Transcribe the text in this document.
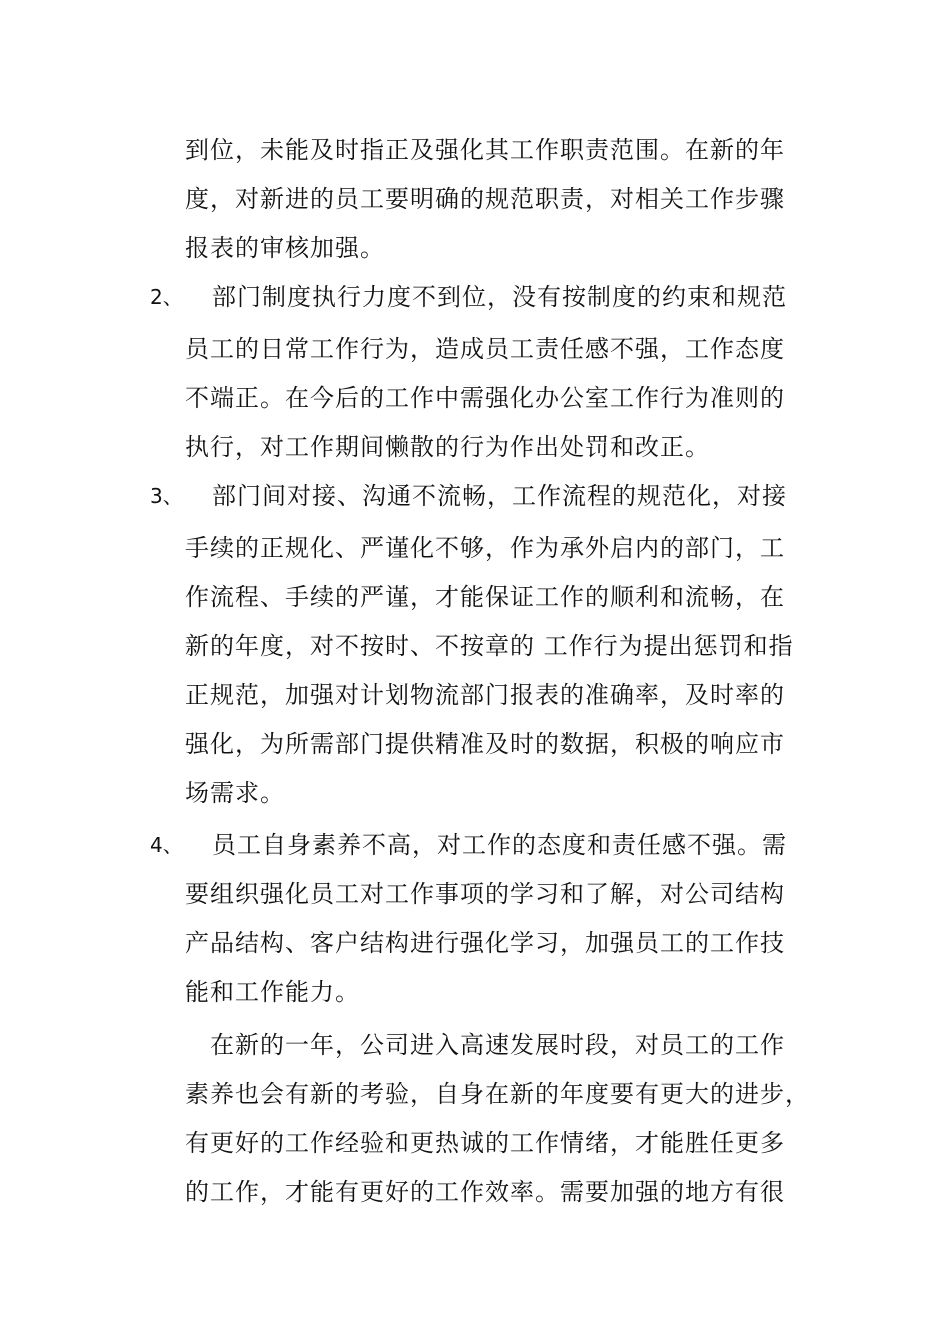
到位，未能及时指正及强化其工作职责范围。在新的年
度，对新进的员工要明确的规范职责，对相关工作步骤
报表的审核加强。
2、 部门制度执行力度不到位，没有按制度的约束和规范
员工的日常工作行为，造成员工责任感不强，工作态度
不端正。在今后的工作中需强化办公室工作行为准则的
执行，对工作期间懒散的行为作出处罚和改正。
3、 部门间对接、沟通不流畅，工作流程的规范化，对接
手续的正规化、严谨化不够，作为承外启内的部门，工
作流程、手续的严谨，才能保证工作的顺利和流畅，在
新的年度，对不按时、不按章的 工作行为提出惩罚和指
正规范，加强对计划物流部门报表的准确率，及时率的
强化，为所需部门提供精准及时的数据，积极的响应市
场需求。
4、 员工自身素养不高，对工作的态度和责任感不强。需
要组织强化员工对工作事项的学习和了解，对公司结构
产品结构、客户结构进行强化学习，加强员工的工作技
能和工作能力。
在新的一年，公司进入高速发展时段，对员工的工作
素养也会有新的考验，自身在新的年度要有更大的进步，
有更好的工作经验和更热诚的工作情绪，才能胜任更多
的工作，才能有更好的工作效率。需要加强的地方有很
